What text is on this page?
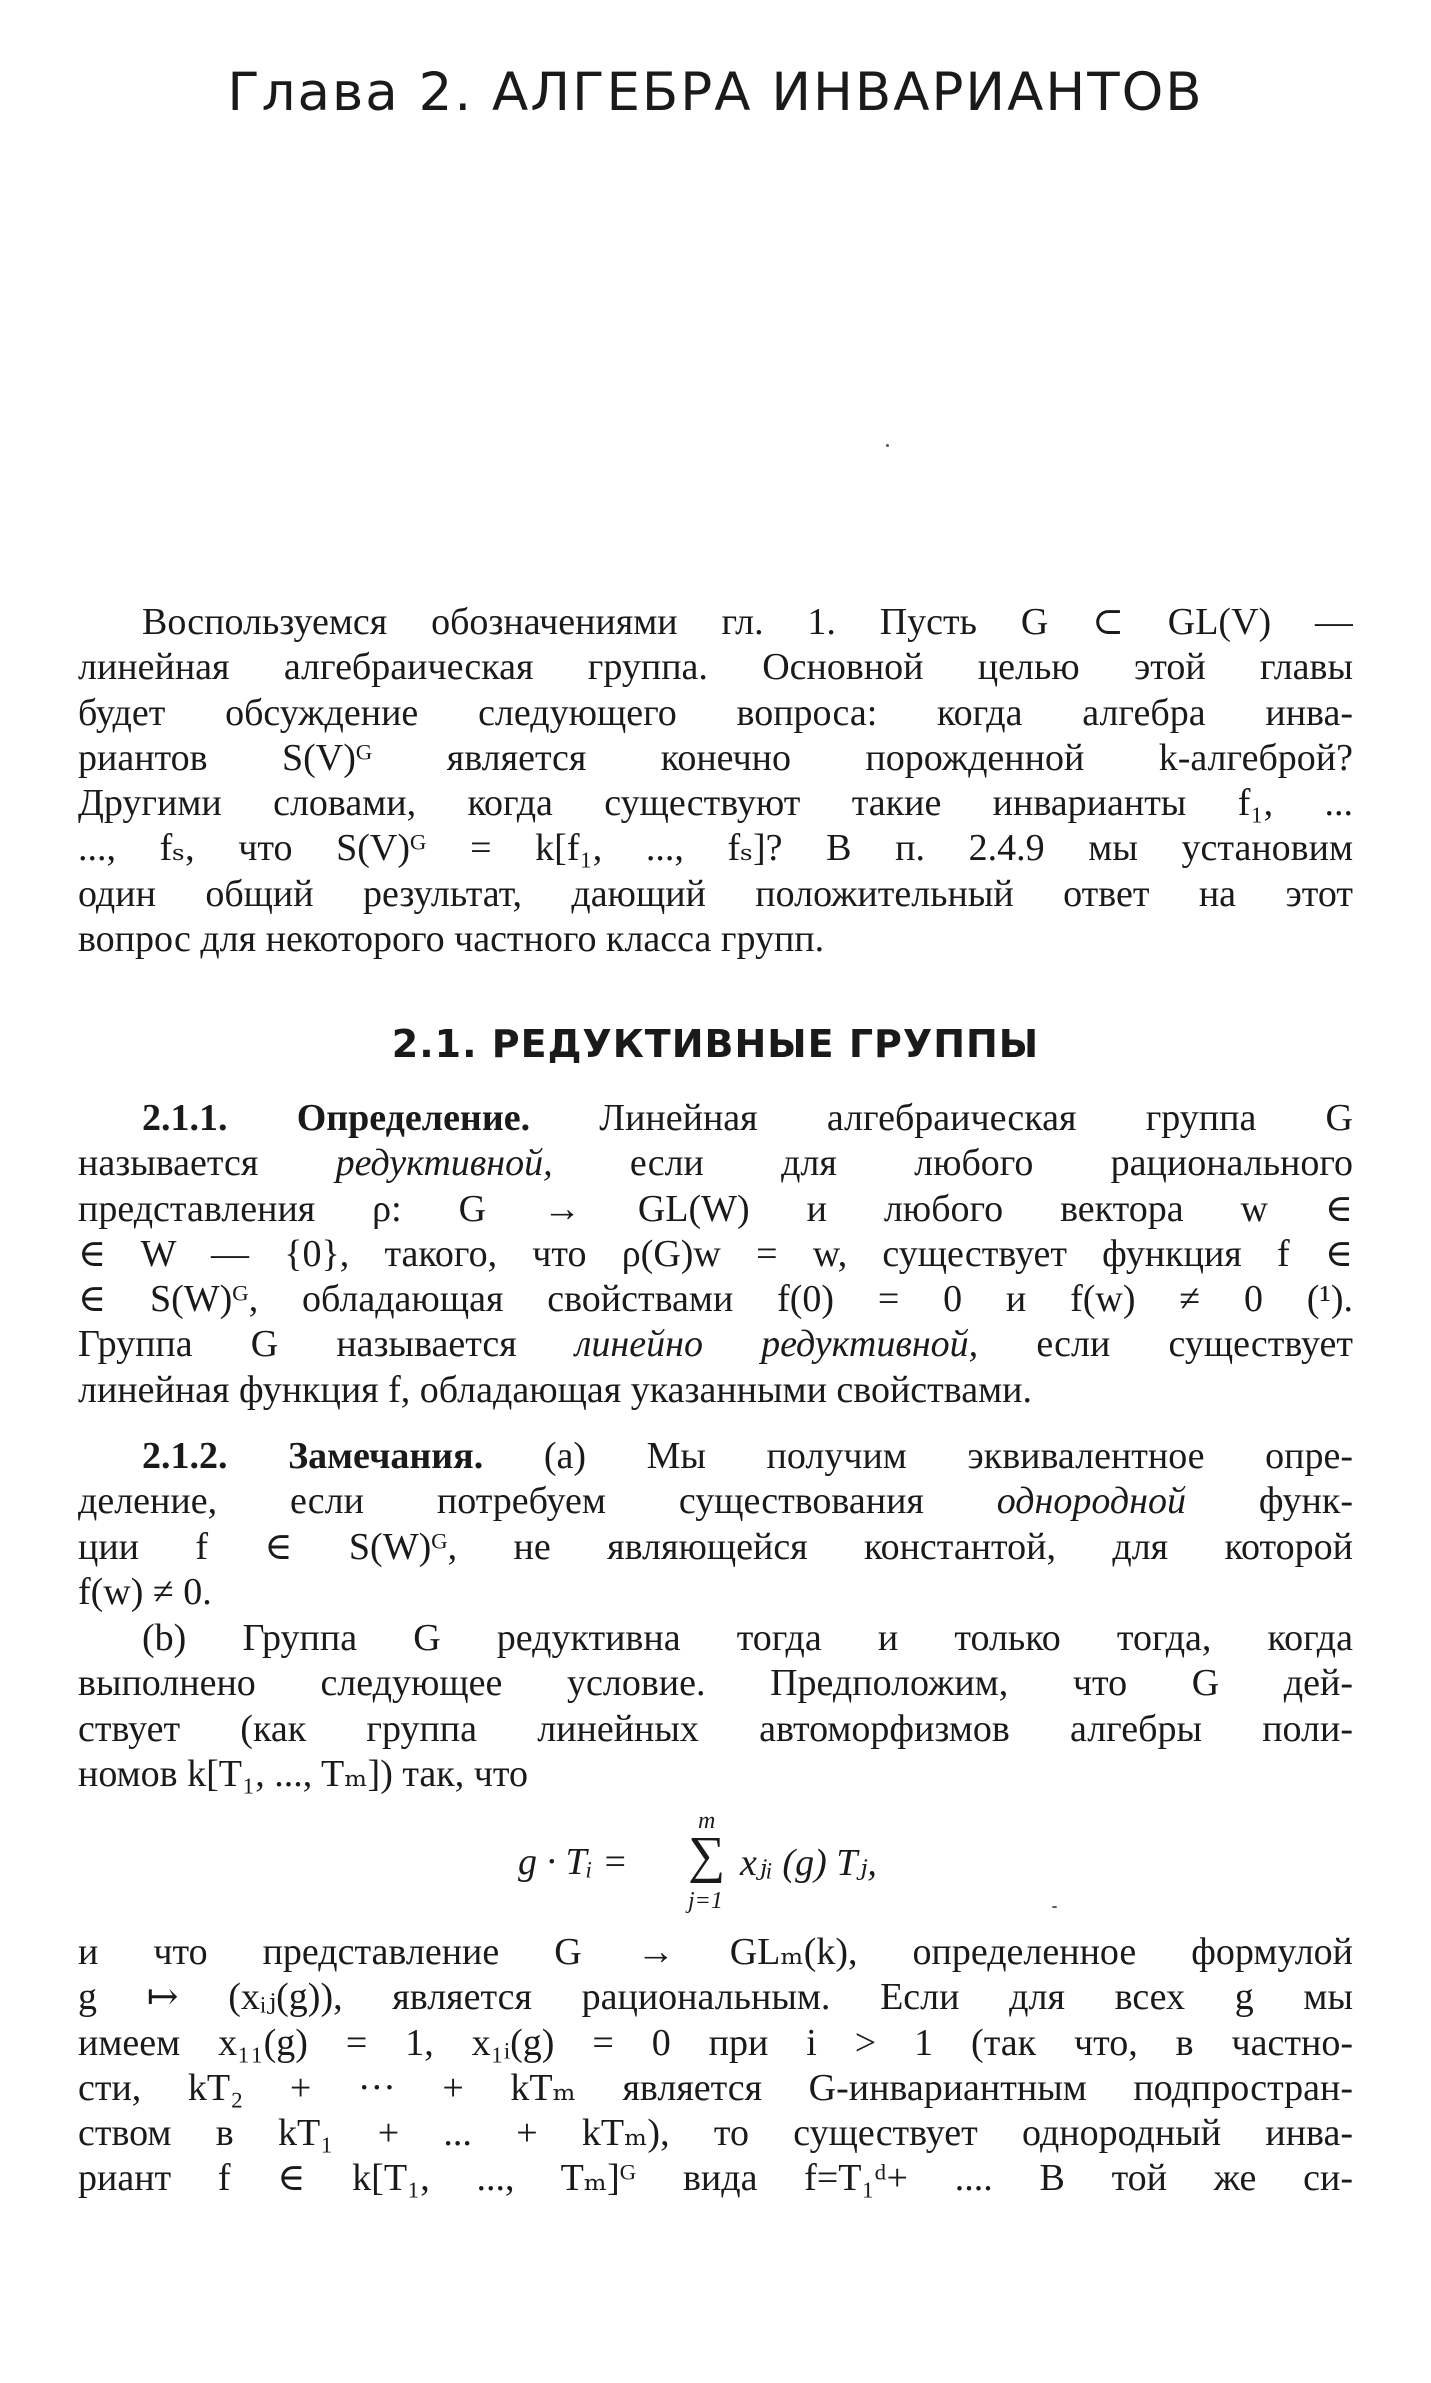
Глава 2. АЛГЕБРА ИНВАРИАНТОВ
Воспользуемся обозначениями гл. 1. Пусть G ⊂ GL(V) —
линейная алгебраическая группа. Основной целью этой главы
будет обсуждение следующего вопроса: когда алгебра инва-
риантов S(V)ᴳ является конечно порожденной k-алгеброй?
Другими словами, когда существуют такие инварианты f₁, ...
..., fₛ, что S(V)ᴳ = k[f₁, ..., fₛ]? В п. 2.4.9 мы установим
один общий результат, дающий положительный ответ на этот
вопрос для некоторого частного класса групп.
2.1. РЕДУКТИВНЫЕ ГРУППЫ
2.1.1. Определение. Линейная алгебраическая группа G
называется редуктивной, если для любого рационального
представления ρ: G → GL(W) и любого вектора w ∈
∈ W — {0}, такого, что ρ(G)w = w, существует функция f ∈
∈ S(W)ᴳ, обладающая свойствами f(0) = 0 и f(w) ≠ 0 (¹).
Группа G называется линейно редуктивной, если существует
линейная функция f, обладающая указанными свойствами.
2.1.2. Замечания. (a) Мы получим эквивалентное опре-
деление, если потребуем существования однородной функ-
ции f ∈ S(W)ᴳ, не являющейся константой, для которой
f(w) ≠ 0.
(b) Группа G редуктивна тогда и только тогда, когда
выполнено следующее условие. Предположим, что G дей-
ствует (как группа линейных автоморфизмов алгебры поли-
номов k[T₁, ..., Tₘ]) так, что
g · Tᵢ =
m
∑
j=1
xⱼᵢ (g) Tⱼ,
и что представление G → GLₘ(k), определенное формулой
g ↦ (xᵢⱼ(g)), является рациональным. Если для всех g мы
имеем x₁₁(g) = 1, x₁ᵢ(g) = 0 при i > 1 (так что, в частно-
сти, kT₂ + ··· + kTₘ является G-инвариантным подпростран-
ством в kT₁ + ... + kTₘ), то существует однородный инва-
риант f ∈ k[T₁, ..., Tₘ]ᴳ вида f=T₁ᵈ+ .... В той же си-
